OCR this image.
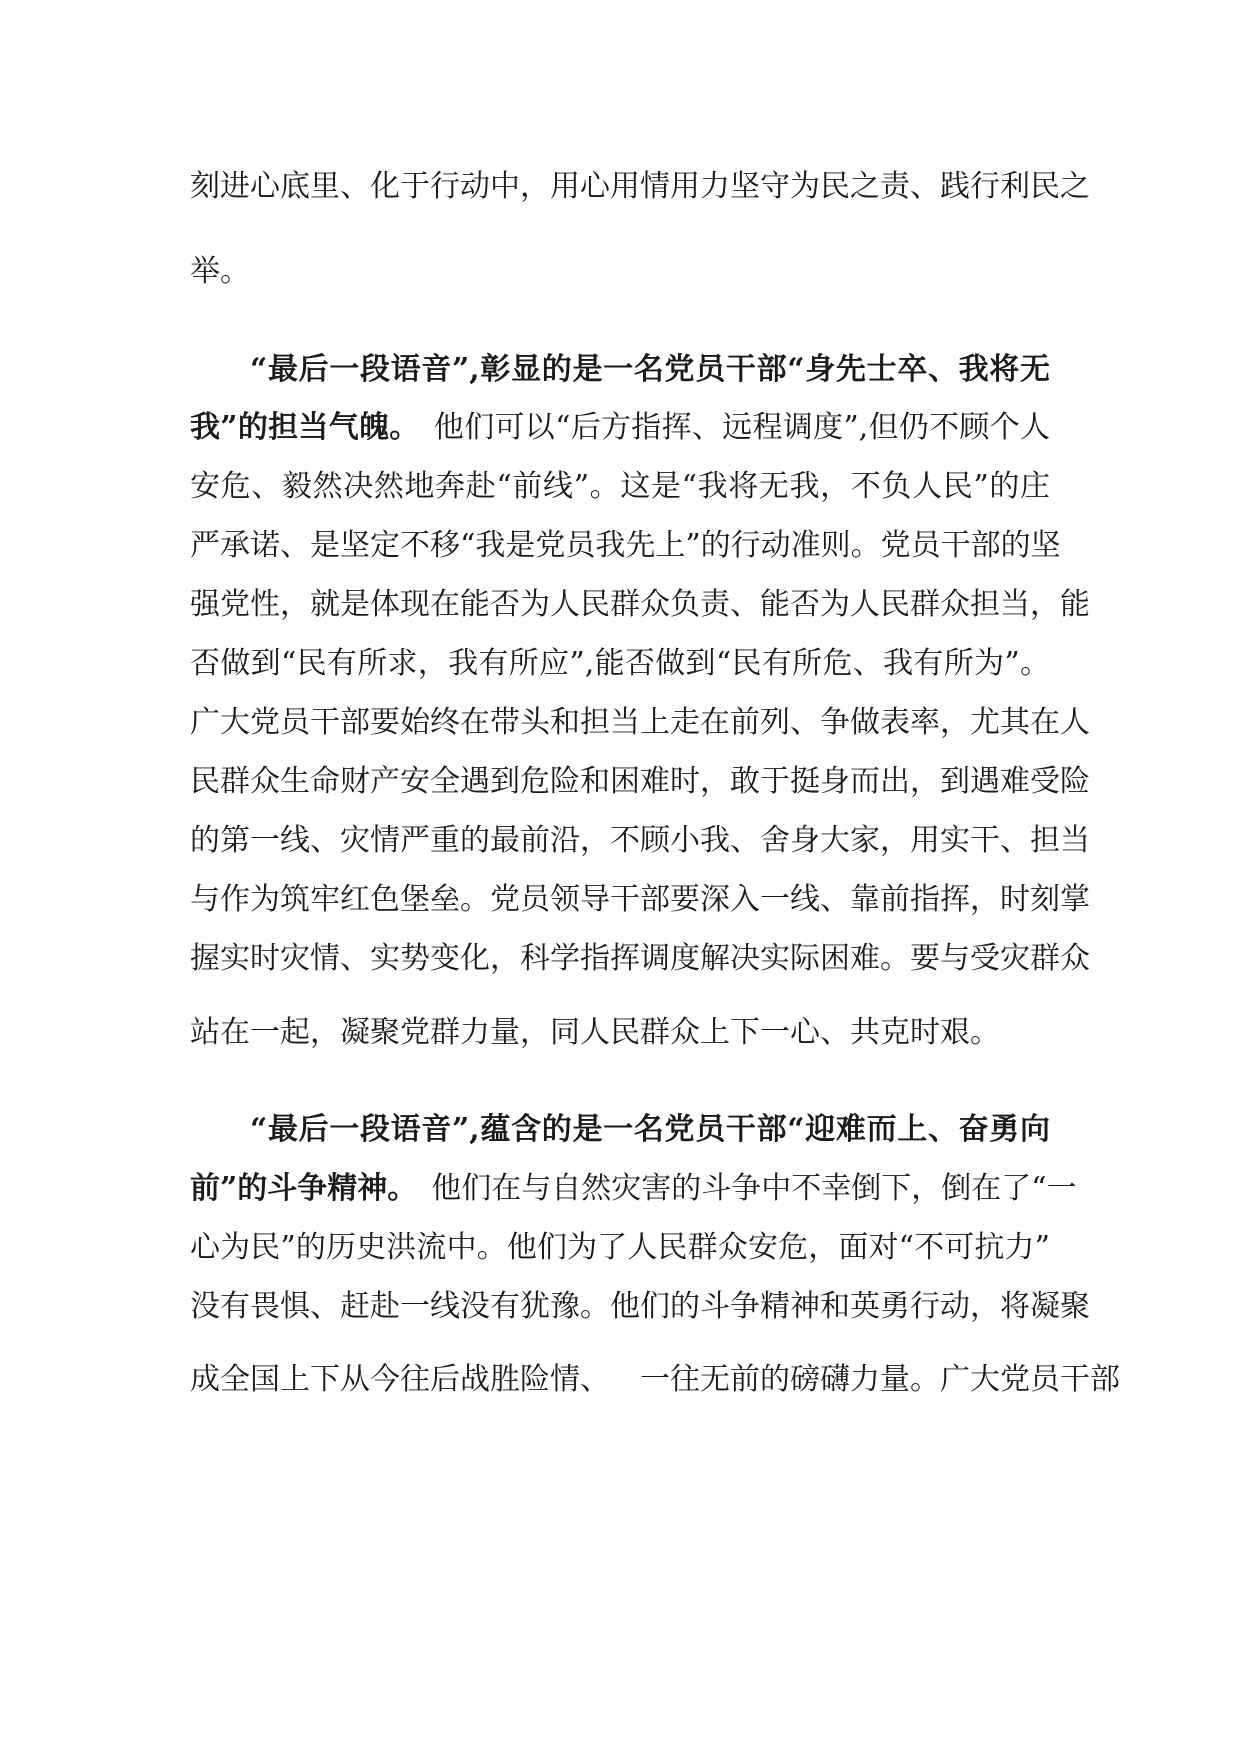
刻进心底里、化于行动中，用心用情用力坚守为民之责、践行利民之
举。
“最后一段语音”,彰显的是一名党员干部“身先士卒、我将无
我”的担当气魄。 他们可以“后方指挥、远程调度”,但仍不顾个人
安危、毅然决然地奔赴“前线”。这是“我将无我，不负人民”的庄
严承诺、是坚定不移“我是党员我先上”的行动准则。党员干部的坚
强党性，就是体现在能否为人民群众负责、能否为人民群众担当，能
否做到“民有所求，我有所应”,能否做到“民有所危、我有所为”。
广大党员干部要始终在带头和担当上走在前列、争做表率，尤其在人
民群众生命财产安全遇到危险和困难时，敢于挺身而出，到遇难受险
的第一线、灾情严重的最前沿，不顾小我、舍身大家，用实干、担当
与作为筑牢红色堡垒。党员领导干部要深入一线、靠前指挥，时刻掌
握实时灾情、实势变化，科学指挥调度解决实际困难。要与受灾群众
站在一起，凝聚党群力量，同人民群众上下一心、共克时艰。
“最后一段语音”,蕴含的是一名党员干部“迎难而上、奋勇向
前”的斗争精神。 他们在与自然灾害的斗争中不幸倒下，倒在了“一
心为民”的历史洪流中。他们为了人民群众安危，面对“不可抗力”
没有畏惧、赶赴一线没有犹豫。他们的斗争精神和英勇行动，将凝聚
成全国上下从今往后战胜险情、 一往无前的磅礴力量。广大党员干部
